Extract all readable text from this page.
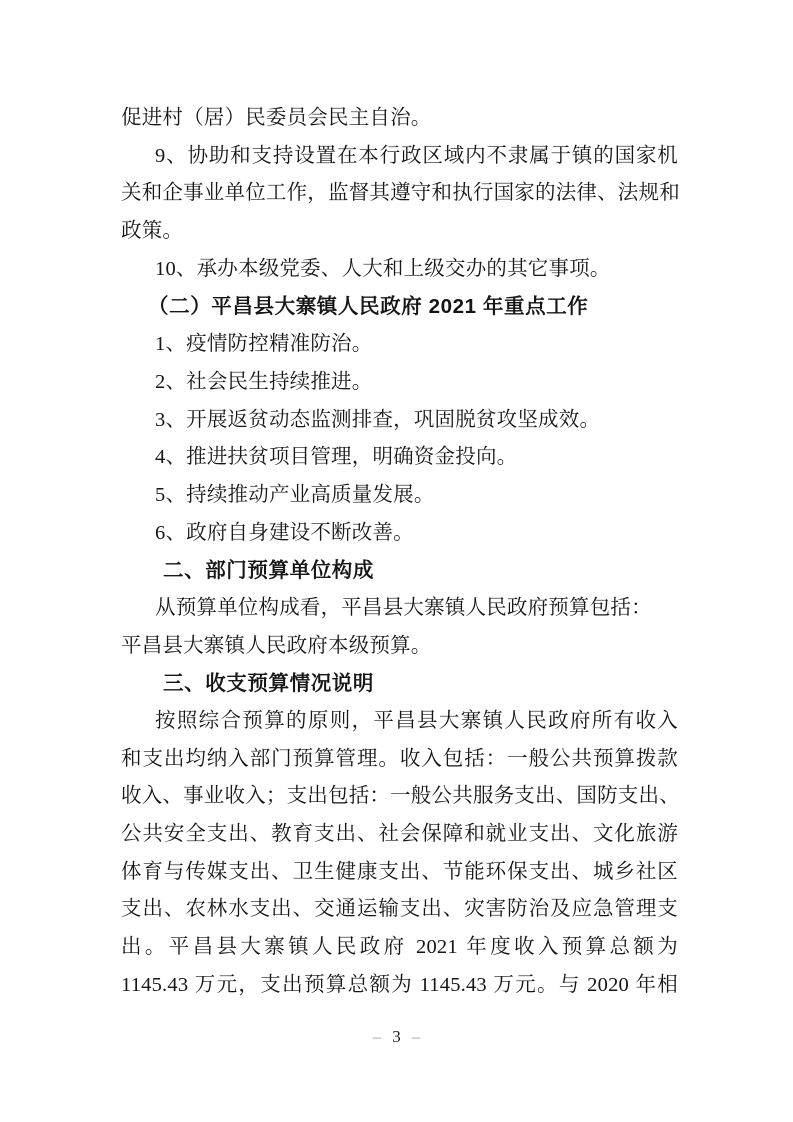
促进村（居）民委员会民主自治。
9、协助和支持设置在本行政区域内不隶属于镇的国家机
关和企事业单位工作，监督其遵守和执行国家的法律、法规和
政策。
10、承办本级党委、人大和上级交办的其它事项。
（二）平昌县大寨镇人民政府 2021 年重点工作
1、疫情防控精准防治。
2、社会民生持续推进。
3、开展返贫动态监测排查，巩固脱贫攻坚成效。
4、推进扶贫项目管理，明确资金投向。
5、持续推动产业高质量发展。
6、政府自身建设不断改善。
二、部门预算单位构成
从预算单位构成看，平昌县大寨镇人民政府预算包括：
平昌县大寨镇人民政府本级预算。
三、收支预算情况说明
按照综合预算的原则，平昌县大寨镇人民政府所有收入
和支出均纳入部门预算管理。收入包括：一般公共预算拨款
收入、事业收入；支出包括：一般公共服务支出、国防支出、
公共安全支出、教育支出、社会保障和就业支出、文化旅游
体育与传媒支出、卫生健康支出、节能环保支出、城乡社区
支出、农林水支出、交通运输支出、灾害防治及应急管理支
出。平昌县大寨镇人民政府 2021 年度收入预算总额为
1145.43 万元，支出预算总额为 1145.43 万元。与 2020 年相
– 3 –
